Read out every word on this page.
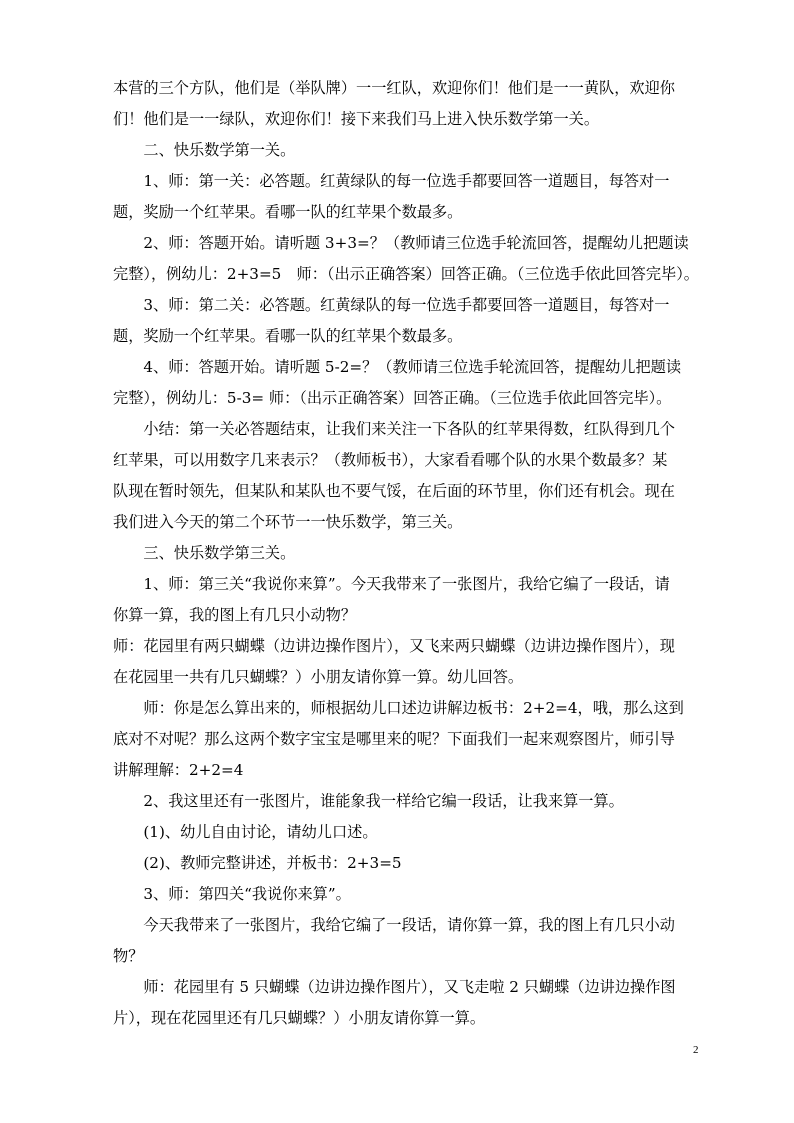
本营的三个方队，他们是（举队牌）一一红队，欢迎你们！他们是一一黄队，欢迎你
们！他们是一一绿队，欢迎你们！接下来我们马上进入快乐数学第一关。
　　二、快乐数学第一关。
　　1、师：第一关：必答题。红黄绿队的每一位选手都要回答一道题目，每答对一
题，奖励一个红苹果。看哪一队的红苹果个数最多。
　　2、师：答题开始。请听题 3+3=？（教师请三位选手轮流回答，提醒幼儿把题读
完整），例幼儿：2+3=5　师：（出示正确答案）回答正确。（三位选手依此回答完毕）。
　　3、师：第二关：必答题。红黄绿队的每一位选手都要回答一道题目，每答对一
题，奖励一个红苹果。看哪一队的红苹果个数最多。
　　4、师：答题开始。请听题 5-2=？（教师请三位选手轮流回答，提醒幼儿把题读
完整），例幼儿：5-3= 师：（出示正确答案）回答正确。（三位选手依此回答完毕）。
　　小结：第一关必答题结束，让我们来关注一下各队的红苹果得数，红队得到几个
红苹果，可以用数字几来表示？（教师板书），大家看看哪个队的水果个数最多？某
队现在暂时领先，但某队和某队也不要气馁，在后面的环节里，你们还有机会。现在
我们进入今天的第二个环节一一快乐数学，第三关。
　　三、快乐数学第三关。
　　1、师：第三关“我说你来算”。今天我带来了一张图片，我给它编了一段话，请
你算一算，我的图上有几只小动物？
师：花园里有两只蝴蝶（边讲边操作图片），又飞来两只蝴蝶（边讲边操作图片），现
在花园里一共有几只蝴蝶？）小朋友请你算一算。幼儿回答。
　　师：你是怎么算出来的，师根据幼儿口述边讲解边板书：2+2=4，哦，那么这到
底对不对呢？那么这两个数字宝宝是哪里来的呢？下面我们一起来观察图片，师引导
讲解理解：2+2=4
　　2、我这里还有一张图片，谁能象我一样给它编一段话，让我来算一算。
　　(1)、幼儿自由讨论，请幼儿口述。
　　(2)、教师完整讲述，并板书：2+3=5
　　3、师：第四关“我说你来算”。
　　今天我带来了一张图片，我给它编了一段话，请你算一算，我的图上有几只小动
物？
　　师：花园里有 5 只蝴蝶（边讲边操作图片），又飞走啦 2 只蝴蝶（边讲边操作图
片），现在花园里还有几只蝴蝶？）小朋友请你算一算。
2
